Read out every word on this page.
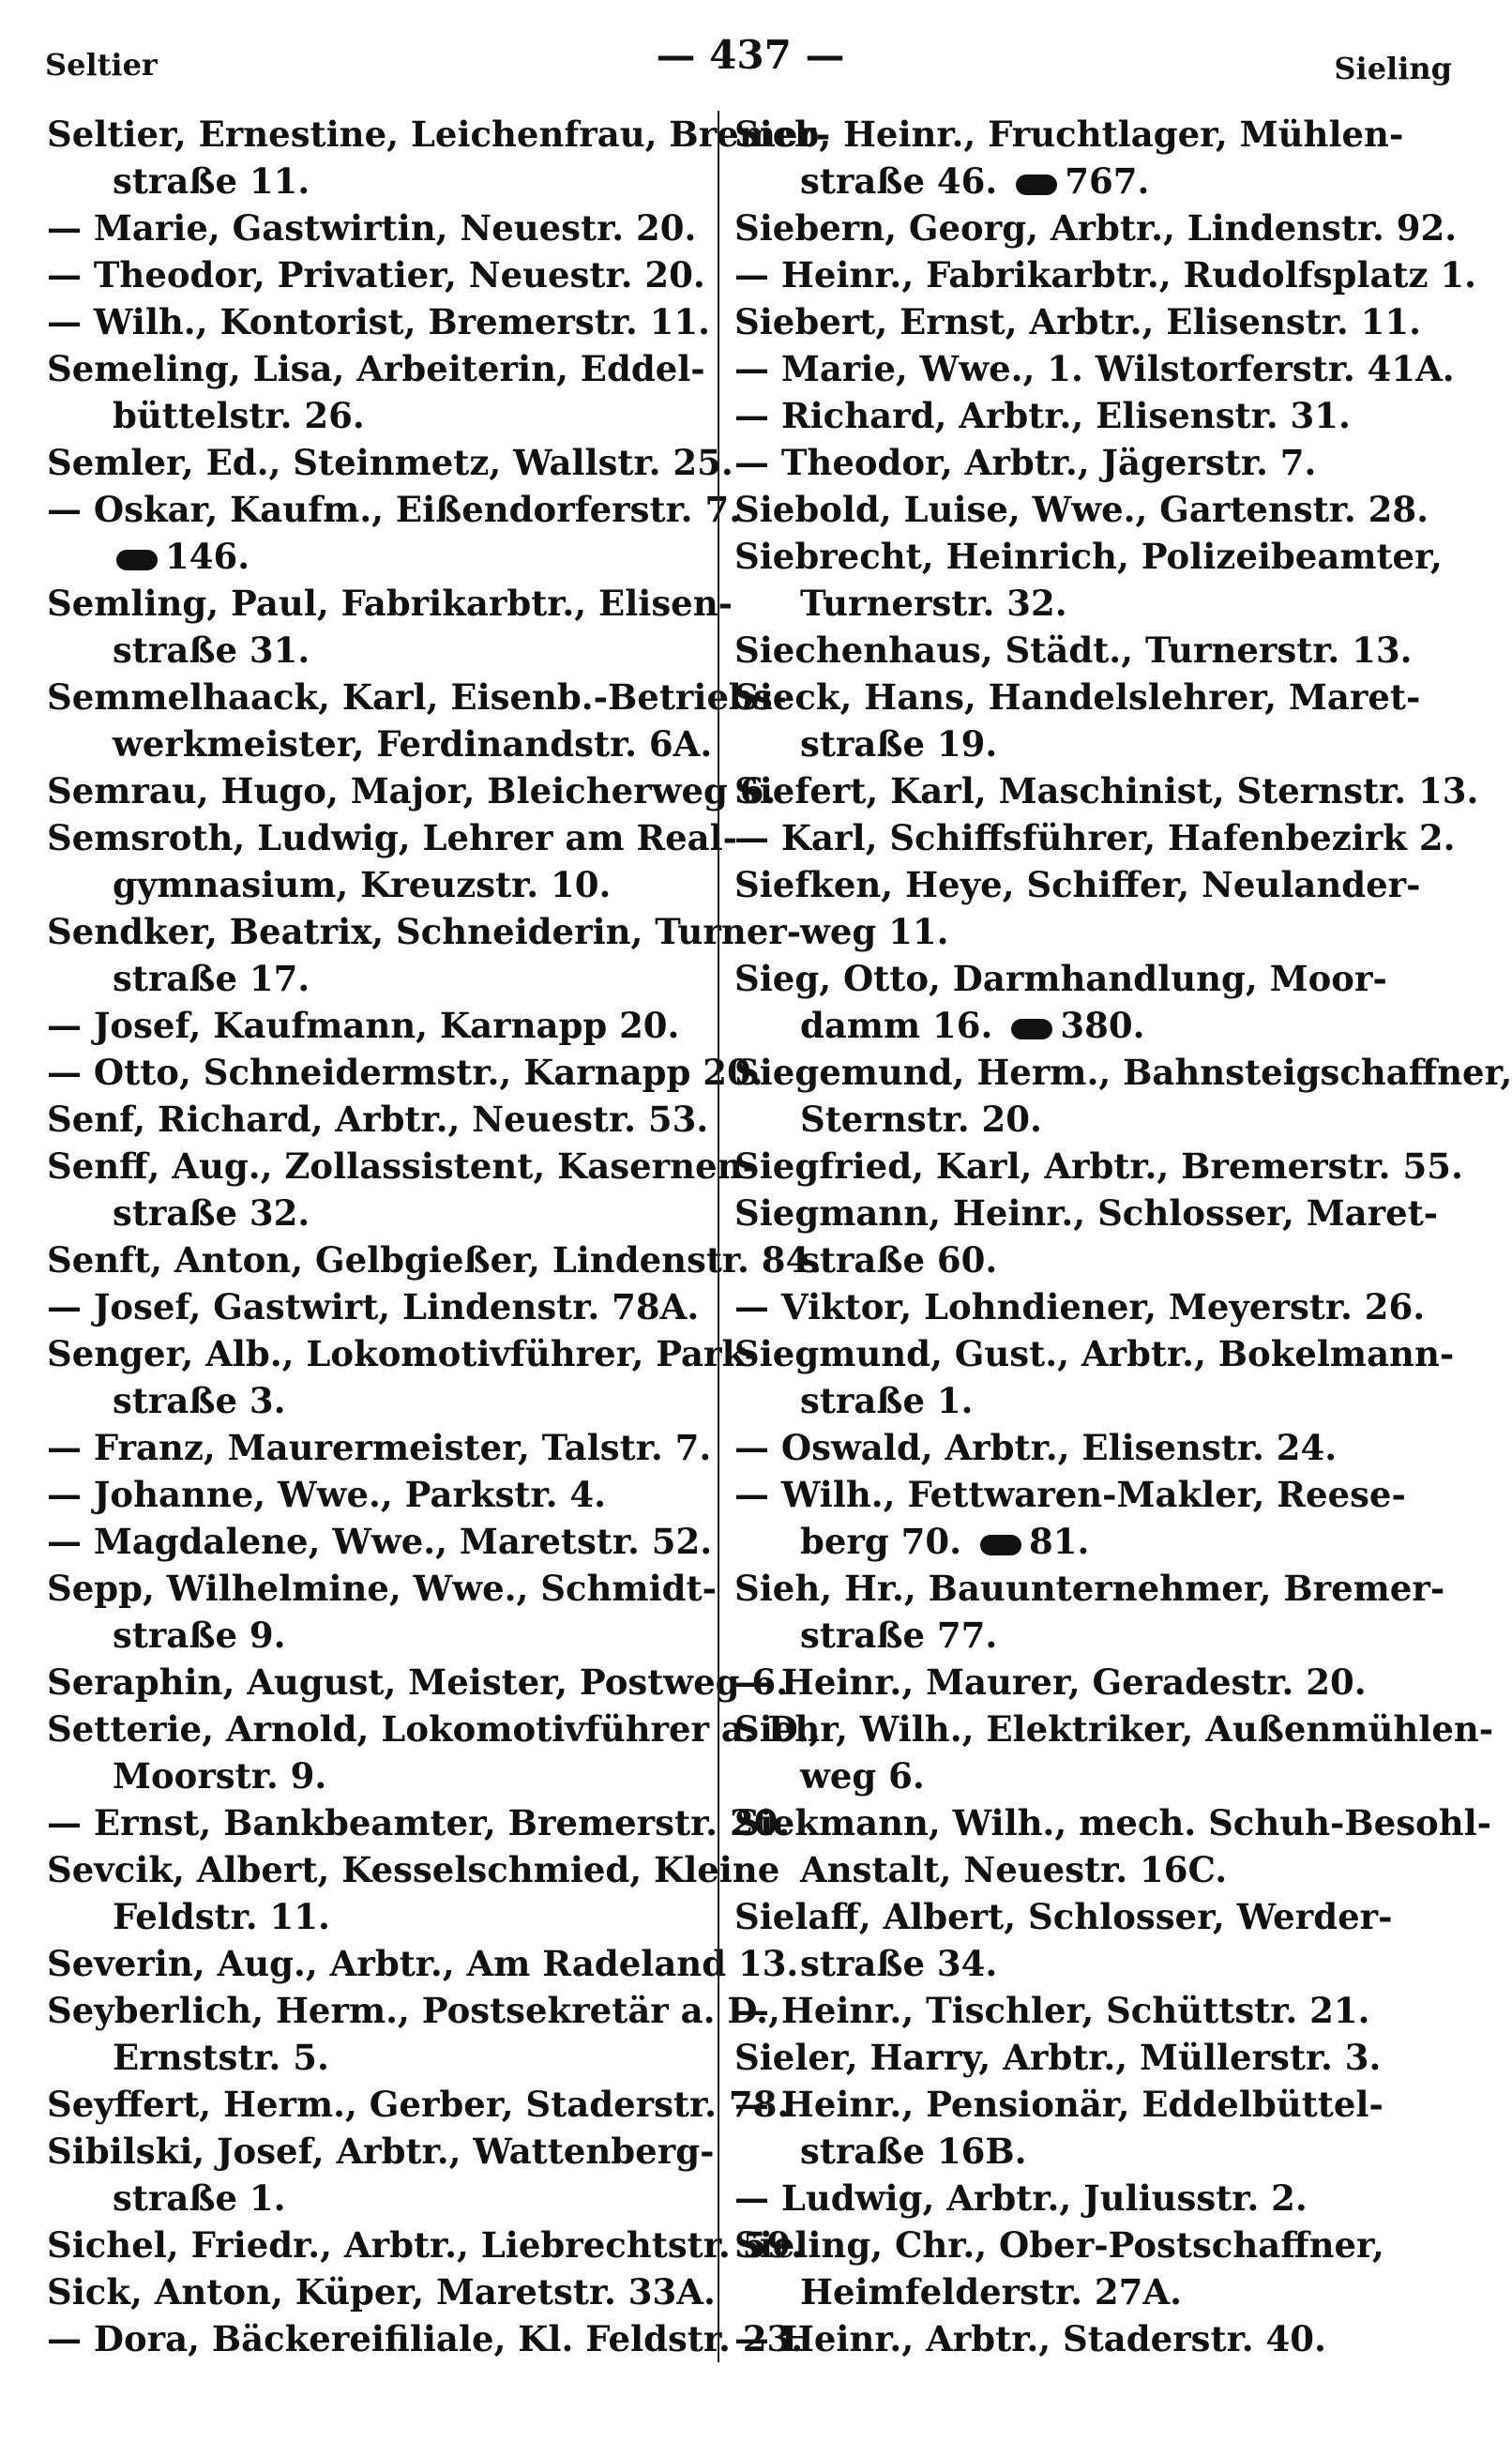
Seltier	— 437 —	Sieling
Seltier, Ernestine, Leichenfrau, Bremer-
straße 11.
— Marie, Gastwirtin, Neuestr. 20.
— Theodor, Privatier, Neuestr. 20.
— Wilh., Kontorist, Bremerstr. 11.
Semeling, Lisa, Arbeiterin, Eddel-
büttelstr. 26.
Semler, Ed., Steinmetz, Wallstr. 25.
— Oskar, Kaufm., Eißendorferstr. 7.
146.
Semling, Paul, Fabrikarbtr., Elisen-
straße 31.
Semmelhaack, Karl, Eisenb.-Betriebs-
werkmeister, Ferdinandstr. 6A.
Semrau, Hugo, Major, Bleicherweg 6.
Semsroth, Ludwig, Lehrer am Real-
gymnasium, Kreuzstr. 10.
Sendker, Beatrix, Schneiderin, Turner-
straße 17.
— Josef, Kaufmann, Karnapp 20.
— Otto, Schneidermstr., Karnapp 20.
Senf, Richard, Arbtr., Neuestr. 53.
Senff, Aug., Zollassistent, Kasernen-
straße 32.
Senft, Anton, Gelbgießer, Lindenstr. 84.
— Josef, Gastwirt, Lindenstr. 78A.
Senger, Alb., Lokomotivführer, Park-
straße 3.
— Franz, Maurermeister, Talstr. 7.
— Johanne, Wwe., Parkstr. 4.
— Magdalene, Wwe., Maretstr. 52.
Sepp, Wilhelmine, Wwe., Schmidt-
straße 9.
Seraphin, August, Meister, Postweg 6.
Setterie, Arnold, Lokomotivführer a. D.,
Moorstr. 9.
— Ernst, Bankbeamter, Bremerstr. 20.
Sevcik, Albert, Kesselschmied, Kleine
Feldstr. 11.
Severin, Aug., Arbtr., Am Radeland 13.
Seyberlich, Herm., Postsekretär a. D.,
Ernststr. 5.
Seyffert, Herm., Gerber, Staderstr. 78.
Sibilski, Josef, Arbtr., Wattenberg-
straße 1.
Sichel, Friedr., Arbtr., Liebrechtstr. 59.
Sick, Anton, Küper, Maretstr. 33A.
— Dora, Bäckereifiliale, Kl. Feldstr. 23.
Sieb, Heinr., Fruchtlager, Mühlen-
straße 46. 767.
Siebern, Georg, Arbtr., Lindenstr. 92.
— Heinr., Fabrikarbtr., Rudolfsplatz 1.
Siebert, Ernst, Arbtr., Elisenstr. 11.
— Marie, Wwe., 1. Wilstorferstr. 41A.
— Richard, Arbtr., Elisenstr. 31.
— Theodor, Arbtr., Jägerstr. 7.
Siebold, Luise, Wwe., Gartenstr. 28.
Siebrecht, Heinrich, Polizeibeamter,
Turnerstr. 32.
Siechenhaus, Städt., Turnerstr. 13.
Sieck, Hans, Handelslehrer, Maret-
straße 19.
Siefert, Karl, Maschinist, Sternstr. 13.
— Karl, Schiffsführer, Hafenbezirk 2.
Siefken, Heye, Schiffer, Neulander-
weg 11.
Sieg, Otto, Darmhandlung, Moor-
damm 16. 380.
Siegemund, Herm., Bahnsteigschaffner,
Sternstr. 20.
Siegfried, Karl, Arbtr., Bremerstr. 55.
Siegmann, Heinr., Schlosser, Maret-
straße 60.
— Viktor, Lohndiener, Meyerstr. 26.
Siegmund, Gust., Arbtr., Bokelmann-
straße 1.
— Oswald, Arbtr., Elisenstr. 24.
— Wilh., Fettwaren-Makler, Reese-
berg 70. 81.
Sieh, Hr., Bauunternehmer, Bremer-
straße 77.
— Heinr., Maurer, Geradestr. 20.
Siehr, Wilh., Elektriker, Außenmühlen-
weg 6.
Siekmann, Wilh., mech. Schuh-Besohl-
Anstalt, Neuestr. 16C.
Sielaff, Albert, Schlosser, Werder-
straße 34.
— Heinr., Tischler, Schüttstr. 21.
Sieler, Harry, Arbtr., Müllerstr. 3.
— Heinr., Pensionär, Eddelbüttel-
straße 16B.
— Ludwig, Arbtr., Juliusstr. 2.
Sieling, Chr., Ober-Postschaffner,
Heimfelderstr. 27A.
— Heinr., Arbtr., Staderstr. 40.
